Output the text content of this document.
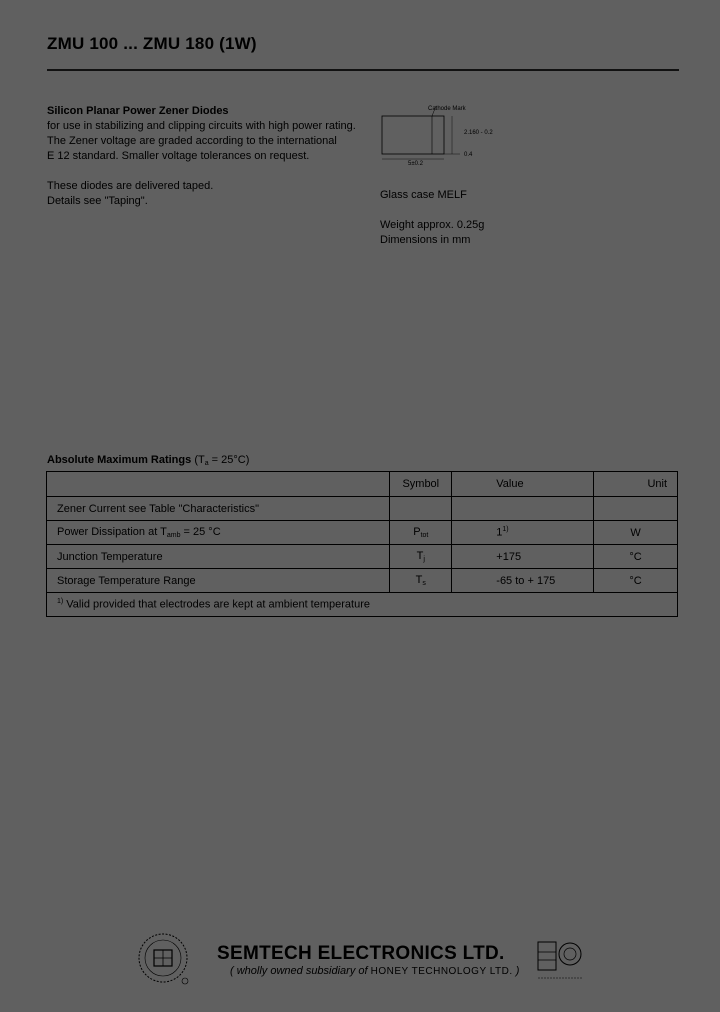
ZMU 100 ... ZMU 180 (1W)
Silicon Planar Power Zener Diodes
for use in stabilizing and clipping circuits with high power rating.
The Zener voltage are graded according to the international
E 12 standard. Smaller voltage tolerances on request.
These diodes are delivered taped.
Details see "Taping".
Cathode Mark
2.160 - 0.2
0.4
5±0.2
Glass case MELF
Weight approx. 0.25g
Dimensions in mm
Absolute Maximum Ratings $(T_a = 25^\circ C)$
	Symbol	Value	Unit
Zener Current see Table "Characteristics"			
Power Dissipation at $T_{amb} = 25$ °C	$P_{tot}$	1$^{1)}$	W
Junction Temperature	$T_j$	+175	°C
Storage Temperature Range	$T_s$	-65 to + 175	°C
$^{1)}$ Valid provided that electrodes are kept at ambient temperature			
SEMTECH ELECTRONICS LTD.
( wholly owned subsidiary of HONEY TECHNOLOGY LTD. )
